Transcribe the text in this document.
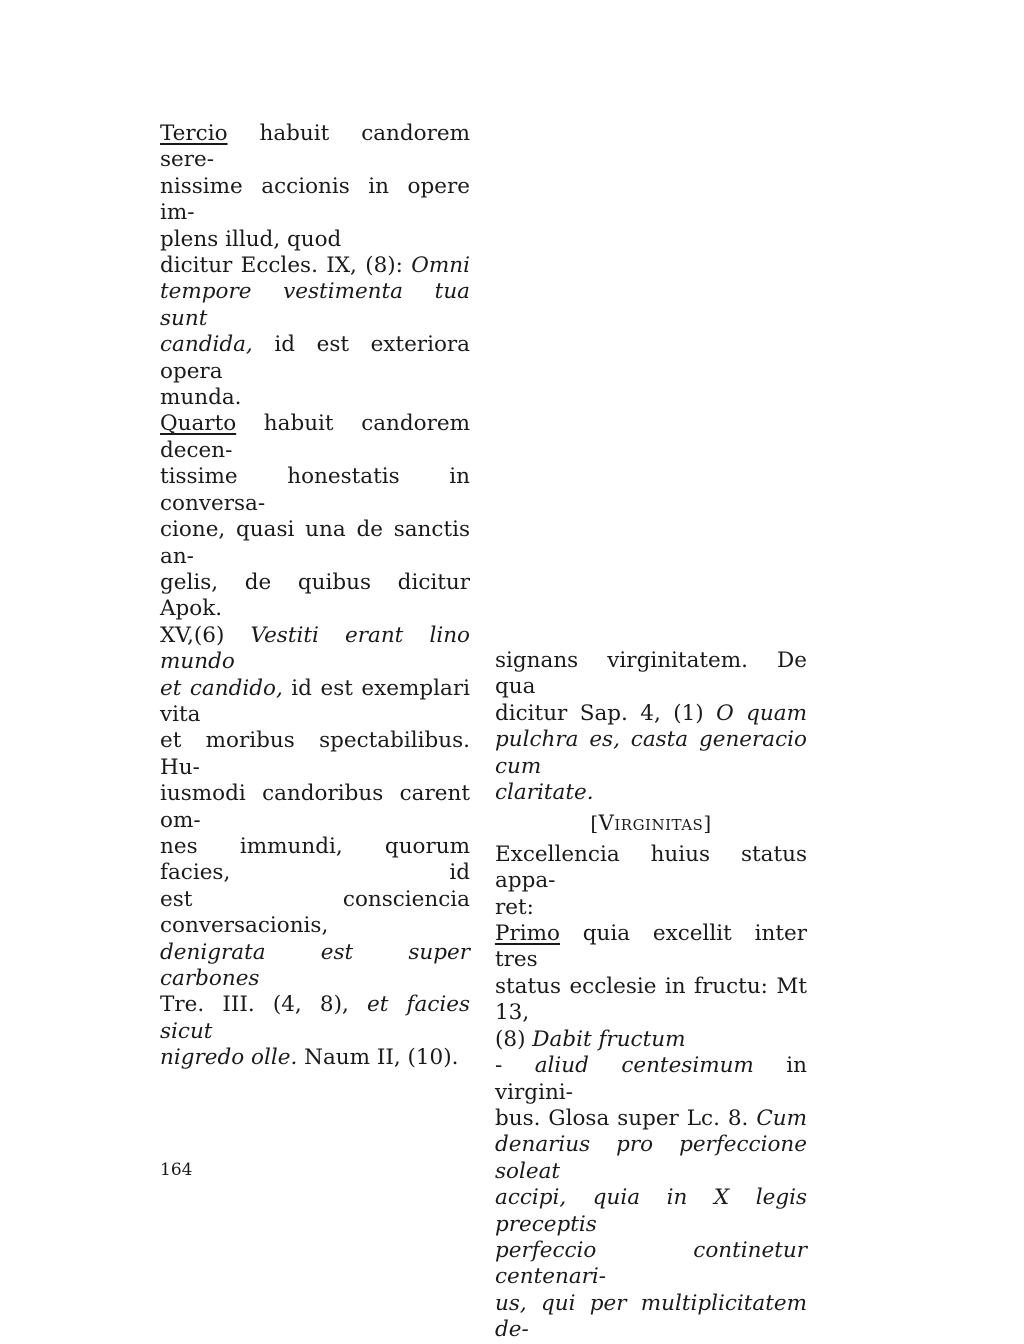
Tercio habuit candorem sere-
nissime accionis in opere im-
plens illud, quod
dicitur Eccles. IX, (8): Omni
tempore vestimenta tua sunt
candida, id est exteriora opera
munda.
Quarto habuit candorem decen-
tissime honestatis in conversa-
cione, quasi una de sanctis an-
gelis, de quibus dicitur Apok.
XV,(6) Vestiti erant lino mundo
et candido, id est exemplari vita
et moribus spectabilibus. Hu-
iusmodi candoribus carent om-
nes immundi, quorum facies, id
est consciencia conversacionis,
denigrata est super carbones
Tre. III. (4, 8), et facies sicut
nigredo olle. Naum II, (10).
signans virginitatem. De qua
dicitur Sap. 4, (1) O quam
pulchra es, casta generacio cum
claritate.
[VIRGINITAS]
Excellencia huius status appa-
ret:
Primo quia excellit inter tres
status ecclesie in fructu: Mt 13,
(8) Dabit fructum
- aliud centesimum in virgini-
bus. Glosa super Lc. 8. Cum
denarius pro perfeccione soleat
accipi, quia in X legis preceptis
perfeccio continetur centenari-
us, qui per multiplicitatem de-
164
